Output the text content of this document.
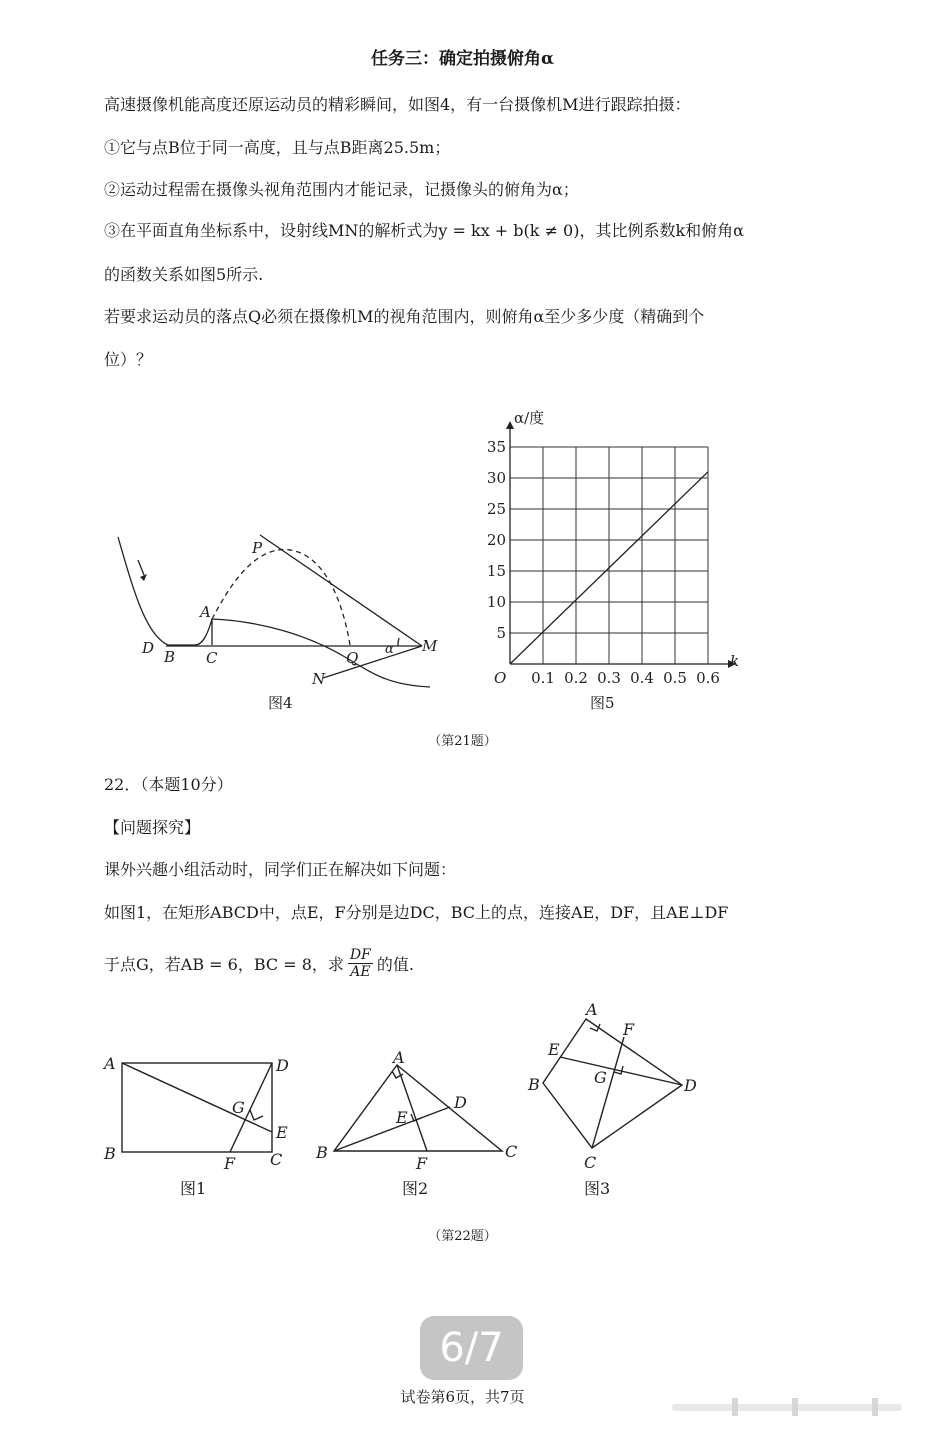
任务三：确定拍摄俯角α
高速摄像机能高度还原运动员的精彩瞬间，如图4，有一台摄像机M进行跟踪拍摄：
①它与点B位于同一高度，且与点B距离25.5m；
②运动过程需在摄像头视角范围内才能记录，记摄像头的俯角为α；
③在平面直角坐标系中，设射线MN的解析式为y = kx + b(k ≠ 0)，其比例系数k和俯角α
的函数关系如图5所示.
若要求运动员的落点Q必须在摄像机M的视角范围内，则俯角α至少多少度（精确到个
位）？
P
A
D B C	Q α M
N
图4
35
30
25
20
15
10
5
0.1 0.2 0.3 0.4 0.5 0.6
α/度
k
O
图5
（第21题）
22．（本题10分）
【问题探究】
课外兴趣小组活动时，同学们正在解决如下问题：
如图1，在矩形ABCD中，点E，F分别是边DC，BC上的点，连接AE，DF，且AE⊥DF
于点G，若AB = 6，BC = 8，求 $\frac{DF}{AE}$ 的值.
A	D
G
E
B
F C
图1
A
D
E
B
F
C
图2
A
F
E
G
B	D
C
图3
（第22题）
6/7
试卷第6页，共7页
